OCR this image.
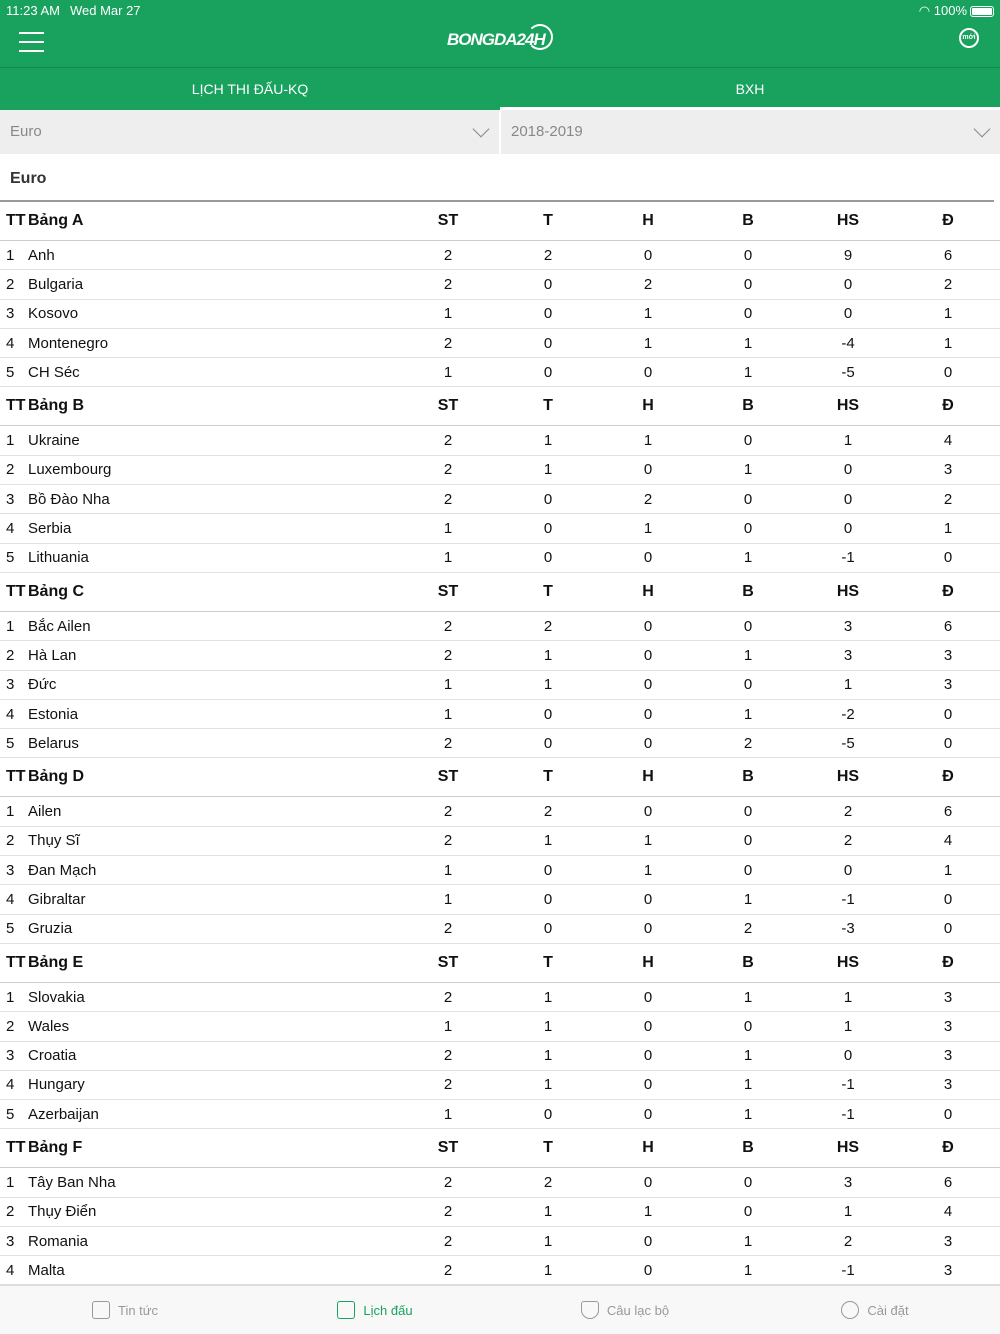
11:23 AM Wed Mar 27	◠ 100%
BONGDA24H	mới
LỊCH THI ĐẤU-KQ	BXH
Euro	2018-2019
Euro
TT Bảng A	ST	T	H	B	HS	Đ
1 Anh	2	2	0	0	9	6
2 Bulgaria	2	0	2	0	0	2
3 Kosovo	1	0	1	0	0	1
4 Montenegro	2	0	1	1	-4	1
5 CH Séc	1	0	0	1	-5	0
TT Bảng B	ST	T	H	B	HS	Đ
1 Ukraine	2	1	1	0	1	4
2 Luxembourg	2	1	0	1	0	3
3 Bồ Đào Nha	2	0	2	0	0	2
4 Serbia	1	0	1	0	0	1
5 Lithuania	1	0	0	1	-1	0
TT Bảng C	ST	T	H	B	HS	Đ
1 Bắc Ailen	2	2	0	0	3	6
2 Hà Lan	2	1	0	1	3	3
3 Đức	1	1	0	0	1	3
4 Estonia	1	0	0	1	-2	0
5 Belarus	2	0	0	2	-5	0
TT Bảng D	ST	T	H	B	HS	Đ
1 Ailen	2	2	0	0	2	6
2 Thụy Sĩ	2	1	1	0	2	4
3 Đan Mạch	1	0	1	0	0	1
4 Gibraltar	1	0	0	1	-1	0
5 Gruzia	2	0	0	2	-3	0
TT Bảng E	ST	T	H	B	HS	Đ
1 Slovakia	2	1	0	1	1	3
2 Wales	1	1	0	0	1	3
3 Croatia	2	1	0	1	0	3
4 Hungary	2	1	0	1	-1	3
5 Azerbaijan	1	0	0	1	-1	0
TT Bảng F	ST	T	H	B	HS	Đ
1 Tây Ban Nha	2	2	0	0	3	6
2 Thụy Điển	2	1	1	0	1	4
3 Romania	2	1	0	1	2	3
4 Malta	2	1	0	1	-1	3
Tin tức	Lịch đấu	Câu lạc bộ	Cài đặt
